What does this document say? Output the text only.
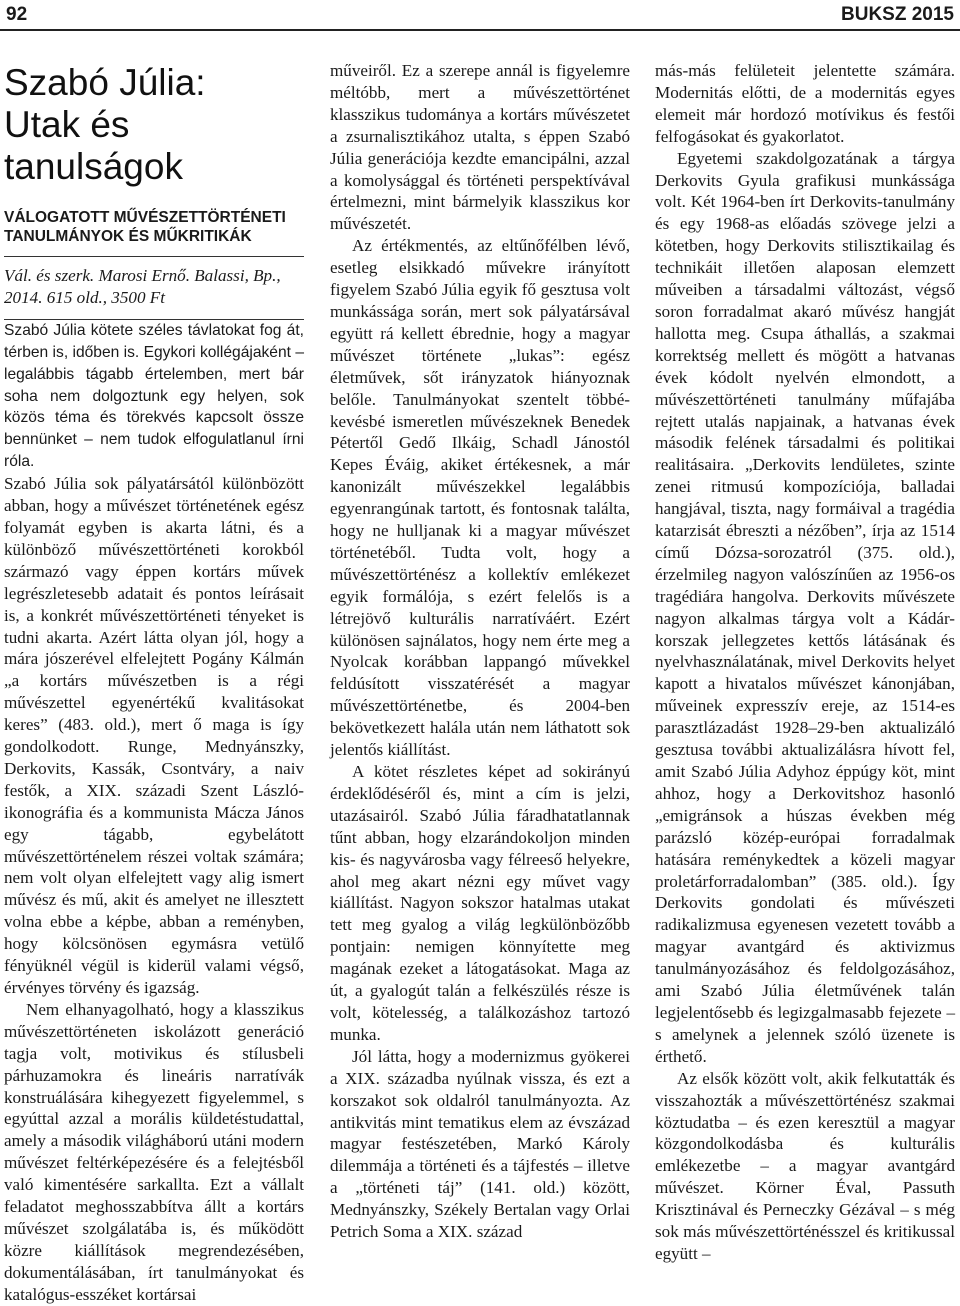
92	BUKSZ 2015
Szabó Júlia:
Utak és tanulságok
VÁLOGATOTT MŰVÉSZETTÖRTÉNETI TANULMÁNYOK ÉS MŰKRITIKÁK
Vál. és szerk. Marosi Ernő. Balassi, Bp., 2014. 615 old., 3500 Ft

Szabó Júlia kötete széles távlatokat fog át, térben is, időben is. Egykori kollégájaként – legalábbis tágabb értelemben, mert bár soha nem dolgoztunk egy helyen, sok közös téma és törekvés kapcsolt össze bennünket – nem tudok elfogulatlanul írni róla.

Szabó Júlia sok pályatársától különbözött abban, hogy a művészet történetének egész folyamát egyben is akarta látni, és a különböző művészettörténeti korokból származó vagy éppen kortárs művek legrészletesebb adatait és pontos leírásait is, a konkrét művészettörténeti tényeket is tudni akarta. Azért látta olyan jól, hogy a mára jószerével elfelejtett Pogány Kálmán „a kortárs művészetben is a régi művészettel egyenértékű kvalitásokat keres” (483. old.), mert ő maga is így gondolkodott. Runge, Mednyánszky, Derkovits, Kassák, Csontváry, a naiv festők, a XIX. századi Szent László-ikonográfia és a kommunista Mácza János egy tágabb, egybelátott művészettörténelem részei voltak számára; nem volt olyan elfelejtett vagy alig ismert művész és mű, akit és amelyet ne illesztett volna ebbe a képbe, abban a reményben, hogy kölcsönösen egymásra vetülő fényüknél végül is kiderül valami végső, érvényes törvény és igazság.

Nem elhanyagolható, hogy a klasszikus művészettörténeten iskolázott generáció tagja volt, motivikus és stílusbeli párhuzamokra és lineáris narratívák konstruálására kihegyezett figyelemmel, s egyúttal azzal a morális küldetéstudattal, amely a második világháború utáni modern művészet feltérképezésére és a felejtésből való kimentésére sarkallta. Ezt a vállalt feladatot meghosszabbítva állt a kortárs művészet szolgálatába is, és működött közre kiállítások megrendezésében, dokumentálásában, írt tanulmányokat és katalógus-esszéket kortársai

műveiről. Ez a szerepe annál is figyelemre méltóbb, mert a művészettörténet klasszikus tudománya a kortárs művészetet a zsurnalisztikához utalta, s éppen Szabó Júlia generációja kezdte emancipálni, azzal a komolysággal és történeti perspektívával értelmezni, mint bármelyik klasszikus kor művészetét.

Az értékmentés, az eltűnőfélben lévő, esetleg elsikkadó művekre irányított figyelem Szabó Júlia egyik fő gesztusa volt munkássága során, mert sok pályatársával együtt rá kellett ébrednie, hogy a magyar művészet története „lukas”: egész életművek, sőt irányzatok hiányoznak belőle. Tanulmányokat szentelt többé-kevésbé ismeretlen művészeknek Benedek Pétertől Gedő Ilkáig, Schadl Jánostól Kepes Éváig, akiket értékesnek, a már kanonizált művészekkel legalábbis egyenrangúnak tartott, és fontosnak találta, hogy ne hulljanak ki a magyar művészet történetéből. Tudta volt, hogy a művészettörténész a kollektív emlékezet egyik formálója, s ezért felelős is a létrejövő kulturális narratíváért. Ezért különösen sajnálatos, hogy nem érte meg a Nyolcak korábban lappangó művekkel feldúsított visszatérését a magyar művészettörténetbe, és 2004-ben bekövetkezett halála után nem láthatott sok jelentős kiállítást.

A kötet részletes képet ad sokirányú érdeklődéséről és, mint a cím is jelzi, utazásairól. Szabó Júlia fáradhatatlannak tűnt abban, hogy elzarándokoljon minden kis- és nagyvárosba vagy félreeső helyekre, ahol meg akart nézni egy művet vagy kiállítást. Nagyon sokszor hatalmas utakat tett meg gyalog a világ legkülönbözőbb pontjain: nemigen könnyítette meg magának ezeket a látogatásokat. Maga az út, a gyalogút talán a felkészülés része is volt, kötelesség, a találkozáshoz tartozó munka.

Jól látta, hogy a modernizmus gyökerei a XIX. századba nyúlnak vissza, és ezt a korszakot sok oldalról tanulmányozta. Az antikvitás mint tematikus elem az évszázad magyar festészetében, Markó Károly dilemmája a történeti és a tájfestés – illetve a „történeti táj” (141. old.) között, Mednyánszky, Székely Bertalan vagy Orlai Petrich Soma a XIX. század

más-más felületeit jelentette számára. Modernitás előtti, de a modernitás egyes elemeit már hordozó motívikus és festői felfogásokat és gyakorlatot.

Egyetemi szakdolgozatának a tárgya Derkovits Gyula grafikusi munkássága volt. Két 1964-ben írt Derkovits-tanulmány és egy 1968-as előadás szövege jelzi a kötetben, hogy Derkovits stilisztikailag és technikáit illetően alaposan elemzett műveiben a társadalmi változást, végső soron forradalmat akaró művész hangját hallotta meg. Csupa áthallás, a szakmai korrektség mellett és mögött a hatvanas évek kódolt nyelvén elmondott, a művészettörténeti tanulmány műfajába rejtett utalás napjainak, a hatvanas évek második felének társadalmi és politikai realitásaira. „Derkovits lendületes, szinte zenei ritmusú kompozíciója, balladai hangjával, tiszta, nagy formáival a tragédia katarzisát ébreszti a nézőben”, írja az 1514 című Dózsa-sorozatról (375. old.), érzelmileg nagyon valószínűen az 1956-os tragédiára hangolva. Derkovits művészete nagyon alkalmas tárgya volt a Kádár-korszak jellegzetes kettős látásának és nyelvhasználatának, mivel Derkovits helyet kapott a hivatalos művészet kánonjában, műveinek expresszív ereje, az 1514-es parasztlázadást 1928–29-ben aktualizáló gesztusa további aktualizálásra hívott fel, amit Szabó Júlia Adyhoz éppúgy köt, mint ahhoz, hogy a Derkovitshoz hasonló „emigránsok a húszas években még parázsló közép-európai forradalmak hatására reménykedtek a közeli magyar proletárforradalomban” (385. old.). Így Derkovits gondolati és művészeti radikalizmusa egyenesen vezetett tovább a magyar avantgárd és aktivizmus tanulmányozásához és feldolgozásához, ami Szabó Júlia életművének talán legjelentősebb és legizgalmasabb fejezete – s amelynek a jelennek szóló üzenete is érthető.

Az elsők között volt, akik felkutatták és visszahozták a művészettörténész szakmai köztudatba – és ezen keresztül a magyar közgondolkodásba és kulturális emlékezetbe – a magyar avantgárd művészet. Körner Éval, Passuth Krisztinával és Perneczky Gézával – s még sok más művészettörténésszel és kritikussal együtt –
